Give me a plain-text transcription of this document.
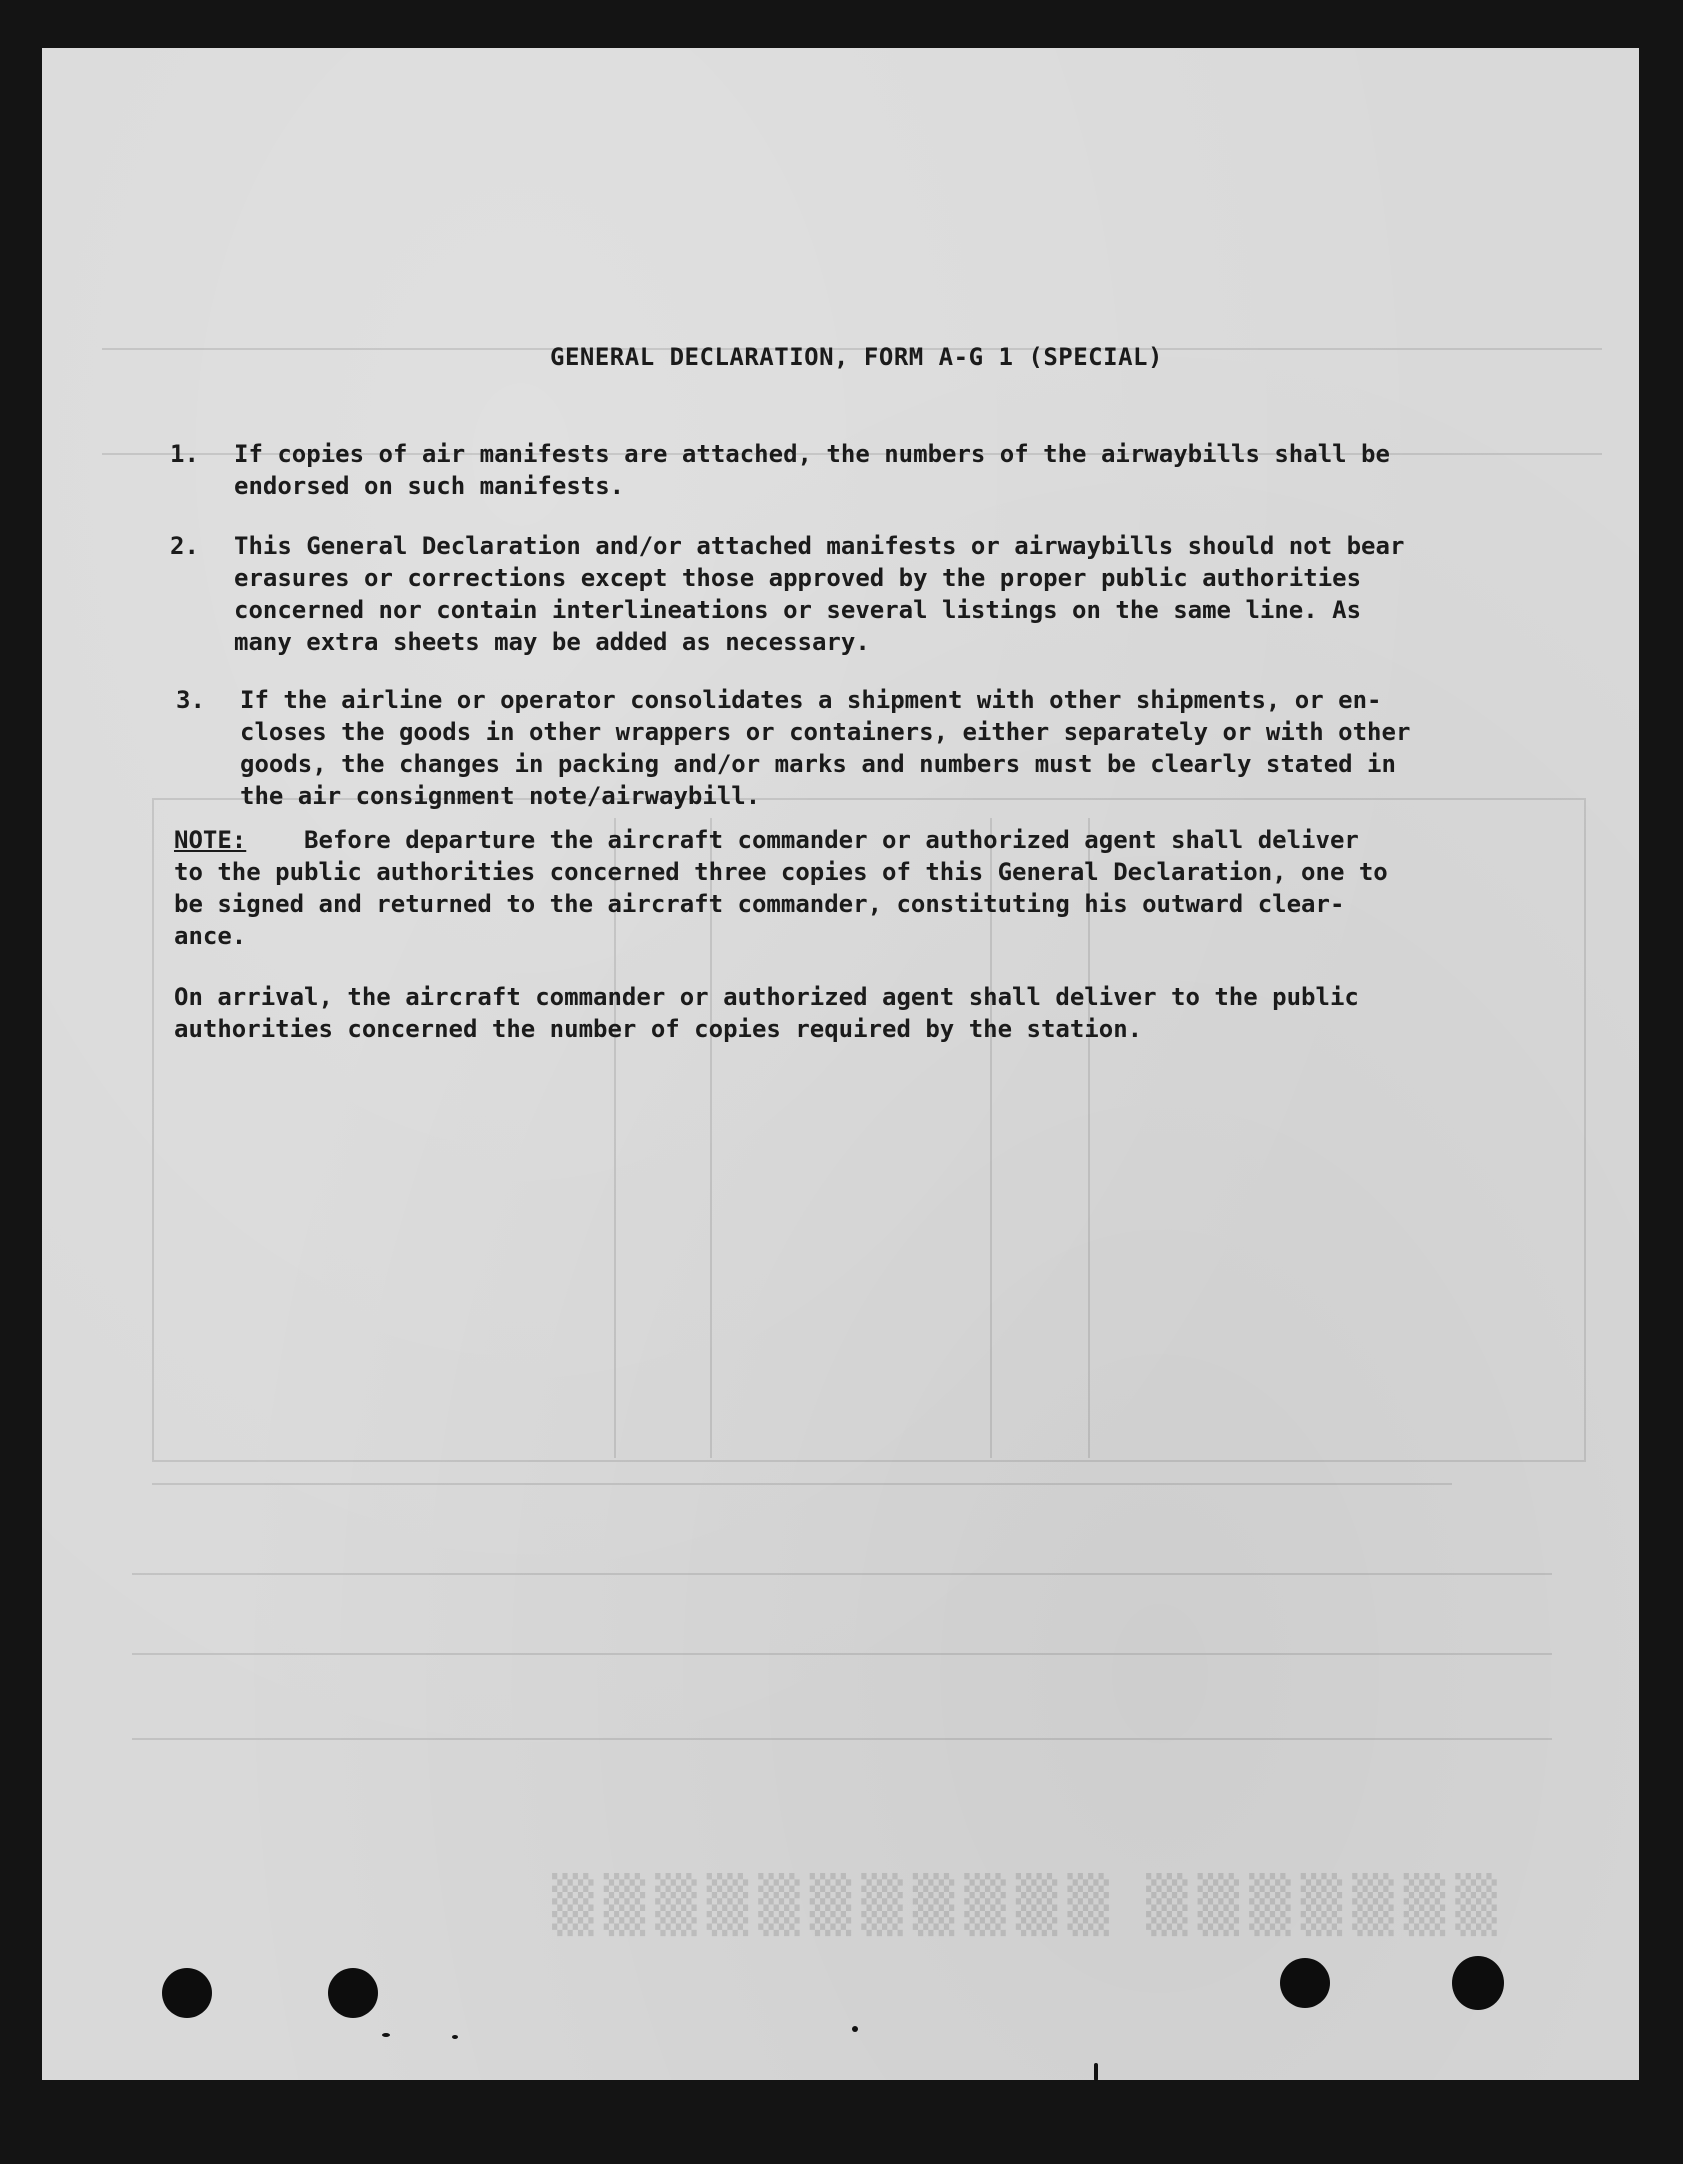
▒▒▒▒▒▒▒ ▒▒▒▒▒▒▒▒▒▒▒
GENERAL DECLARATION, FORM A-G 1 (SPECIAL)
1. If copies of air manifests are attached, the numbers of the airwaybills shall be
endorsed on such manifests.
2. This General Declaration and/or attached manifests or airwaybills should not bear
erasures or corrections except those approved by the proper public authorities
concerned nor contain interlineations or several listings on the same line. As
many extra sheets may be added as necessary.
3. If the airline or operator consolidates a shipment with other shipments, or en-
closes the goods in other wrappers or containers, either separately or with other
goods, the changes in packing and/or marks and numbers must be clearly stated in
the air consignment note/airwaybill.
NOTE: Before departure the aircraft commander or authorized agent shall deliver
to the public authorities concerned three copies of this General Declaration, one to
be signed and returned to the aircraft commander, constituting his outward clear-
ance.
On arrival, the aircraft commander or authorized agent shall deliver to the public
authorities concerned the number of copies required by the station.
